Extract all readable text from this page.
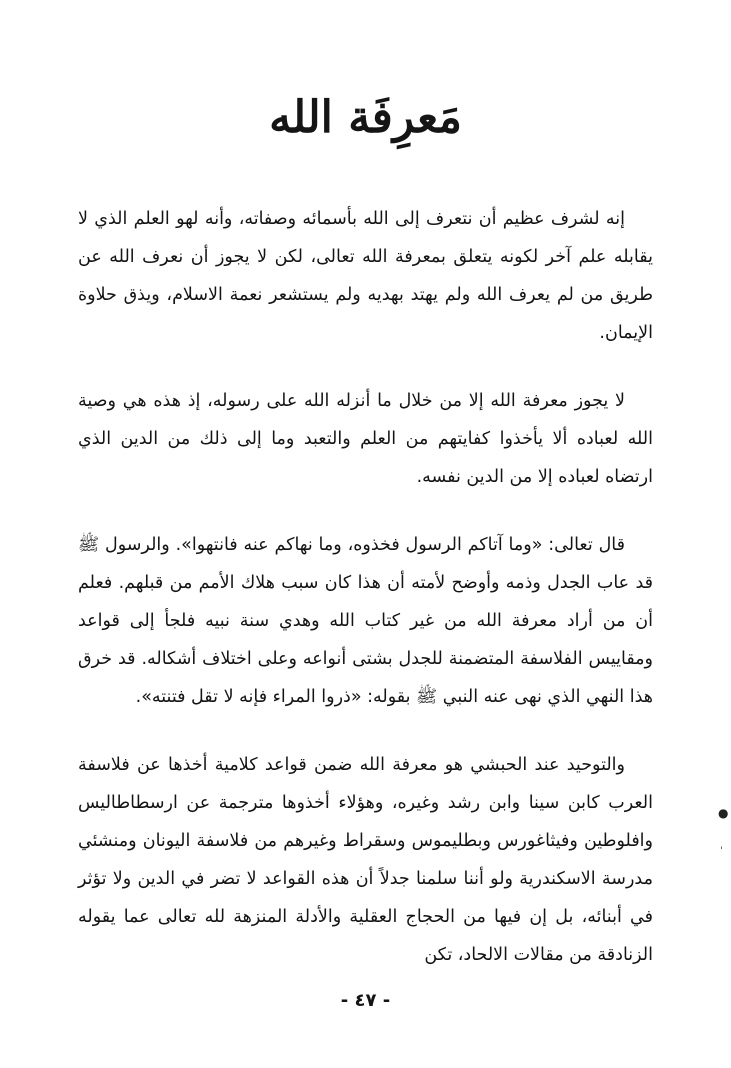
مَعرِفَة الله

إنه لشرف عظيم أن نتعرف إلى الله بأسمائه وصفاته، وأنه لهو العلم الذي لا يقابله علم آخر لكونه يتعلق بمعرفة الله تعالى، لكن لا يجوز أن نعرف الله عن طريق من لم يعرف الله ولم يهتد بهديه ولم يستشعر نعمة الاسلام، ويذق حلاوة الإيمان.

لا يجوز معرفة الله إلا من خلال ما أنزله الله على رسوله، إذ هذه هي وصية الله لعباده ألا يأخذوا كفايتهم من العلم والتعبد وما إلى ذلك من الدين الذي ارتضاه لعباده إلا من الدين نفسه.

قال تعالى: «وما آتاكم الرسول فخذوه، وما نهاكم عنه فانتهوا». والرسول ﷺ قد عاب الجدل وذمه وأوضح لأمته أن هذا كان سبب هلاك الأمم من قبلهم. فعلم أن من أراد معرفة الله من غير كتاب الله وهدي سنة نبيه فلجأ إلى قواعد ومقاييس الفلاسفة المتضمنة للجدل بشتى أنواعه وعلى اختلاف أشكاله. قد خرق هذا النهي الذي نهى عنه النبي ﷺ بقوله: «ذروا المراء فإنه لا تقل فتنته».

والتوحيد عند الحبشي هو معرفة الله ضمن قواعد كلامية أخذها عن فلاسفة العرب كابن سينا وابن رشد وغيره، وهؤلاء أخذوها مترجمة عن ارسطاطاليس وافلوطين وفيثاغورس وبطليموس وسقراط وغيرهم من فلاسفة اليونان ومنشئي مدرسة الاسكندرية ولو أننا سلمنا جدلاً أن هذه القواعد لا تضر في الدين ولا تؤثر في أبنائه، بل إن فيها من الحجاج العقلية والأدلة المنزهة لله تعالى عما يقوله الزنادقة من مقالات الالحاد، تكن

●
ˈ
- ٤٧ -
